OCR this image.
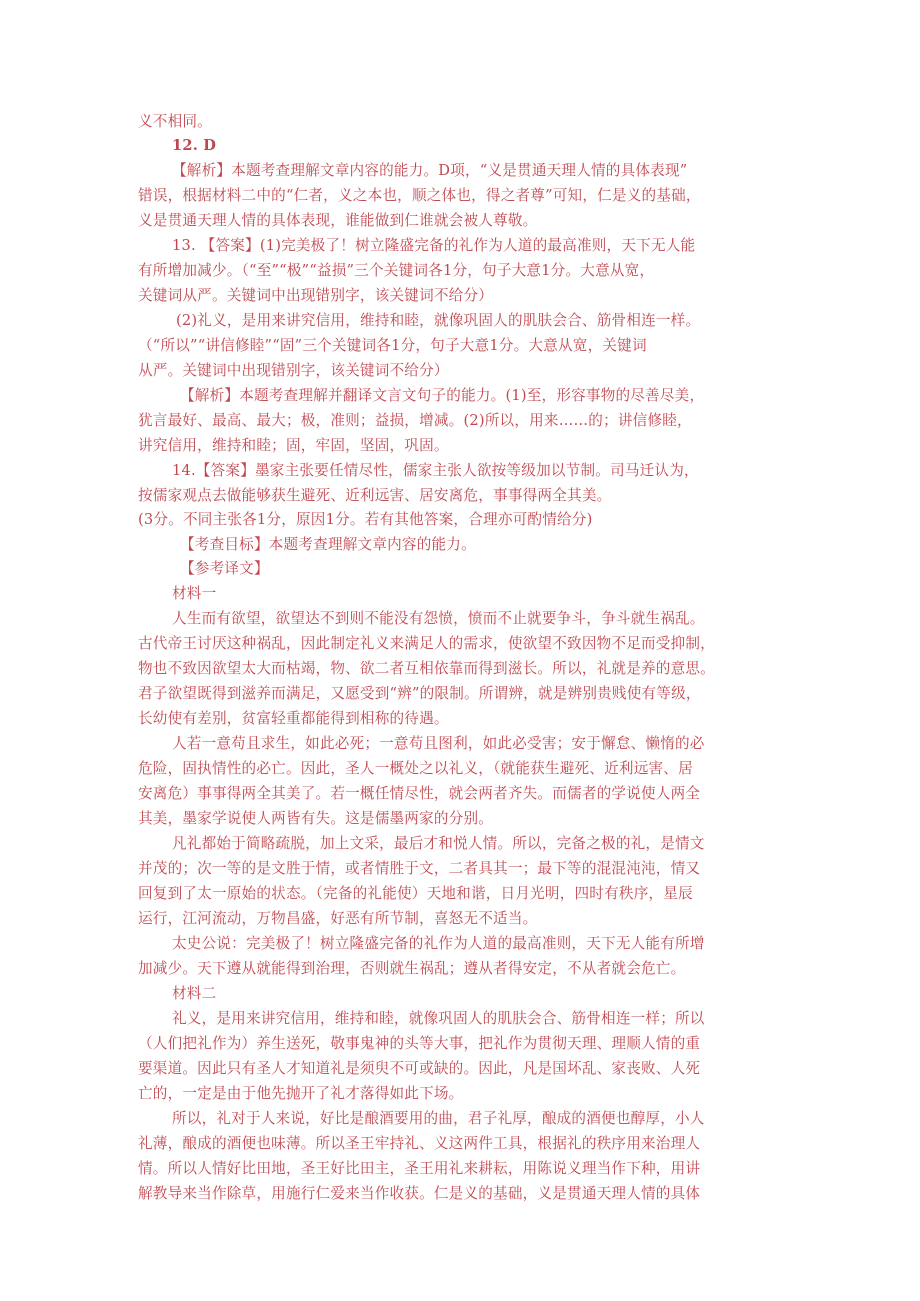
义不相同。
12. D
【解析】本题考查理解文章内容的能力。D项，“义是贯通天理人情的具体表现”
错误，根据材料二中的“仁者，义之本也，顺之体也，得之者尊”可知，仁是义的基础，
义是贯通天理人情的具体表现，谁能做到仁谁就会被人尊敬。
13. 【答案】(1)完美极了！树立隆盛完备的礼作为人道的最高准则，天下无人能
有所增加减少。（“至”“极”“益损”三个关键词各1分，句子大意1分。大意从宽，
关键词从严。关键词中出现错别字，该关键词不给分）
(2)礼义，是用来讲究信用，维持和睦，就像巩固人的肌肤会合、筋骨相连一样。
（“所以”“讲信修睦”“固”三个关键词各1分，句子大意1分。大意从宽，关键词
从严。关键词中出现错别字，该关键词不给分）
【解析】本题考查理解并翻译文言文句子的能力。(1)至，形容事物的尽善尽美，
犹言最好、最高、最大；极，准则；益损，增减。(2)所以，用来……的；讲信修睦，
讲究信用，维持和睦；固，牢固，坚固，巩固。
14.【答案】墨家主张要任情尽性，儒家主张人欲按等级加以节制。司马迁认为，
按儒家观点去做能够获生避死、近利远害、居安离危，事事得两全其美。
(3分。不同主张各1分，原因1分。若有其他答案，合理亦可酌情给分)
【考查目标】本题考查理解文章内容的能力。
【参考译文】
材料一
人生而有欲望，欲望达不到则不能没有怨愤，愤而不止就要争斗，争斗就生祸乱。
古代帝王讨厌这种祸乱，因此制定礼义来满足人的需求，使欲望不致因物不足而受抑制，
物也不致因欲望太大而枯竭，物、欲二者互相依靠而得到滋长。所以，礼就是养的意思。
君子欲望既得到滋养而满足，又愿受到“辨”的限制。所谓辨，就是辨别贵贱使有等级，
长幼使有差别，贫富轻重都能得到相称的待遇。
人若一意苟且求生，如此必死；一意苟且图利，如此必受害；安于懈怠、懒惰的必
危险，固执情性的必亡。因此，圣人一概处之以礼义，（就能获生避死、近利远害、居
安离危）事事得两全其美了。若一概任情尽性，就会两者齐失。而儒者的学说使人两全
其美，墨家学说使人两皆有失。这是儒墨两家的分别。
凡礼都始于简略疏脱，加上文采，最后才和悦人情。所以，完备之极的礼，是情文
并茂的；次一等的是文胜于情，或者情胜于文，二者具其一；最下等的混混沌沌，情又
回复到了太一原始的状态。（完备的礼能使）天地和谐，日月光明，四时有秩序，星辰
运行，江河流动，万物昌盛，好恶有所节制，喜怒无不适当。
太史公说：完美极了！树立隆盛完备的礼作为人道的最高准则，天下无人能有所增
加减少。天下遵从就能得到治理，否则就生祸乱；遵从者得安定，不从者就会危亡。
材料二
礼义，是用来讲究信用，维持和睦，就像巩固人的肌肤会合、筋骨相连一样；所以
（人们把礼作为）养生送死，敬事鬼神的头等大事，把礼作为贯彻天理、理顺人情的重
要渠道。因此只有圣人才知道礼是须臾不可或缺的。因此，凡是国坏乱、家丧败、人死
亡的，一定是由于他先抛开了礼才落得如此下场。
所以，礼对于人来说，好比是酿酒要用的曲，君子礼厚，酿成的酒便也醇厚，小人
礼薄，酿成的酒便也味薄。所以圣王牢持礼、义这两件工具，根据礼的秩序用来治理人
情。所以人情好比田地，圣王好比田主，圣王用礼来耕耘，用陈说义理当作下种，用讲
解教导来当作除草，用施行仁爱来当作收获。仁是义的基础，义是贯通天理人情的具体
